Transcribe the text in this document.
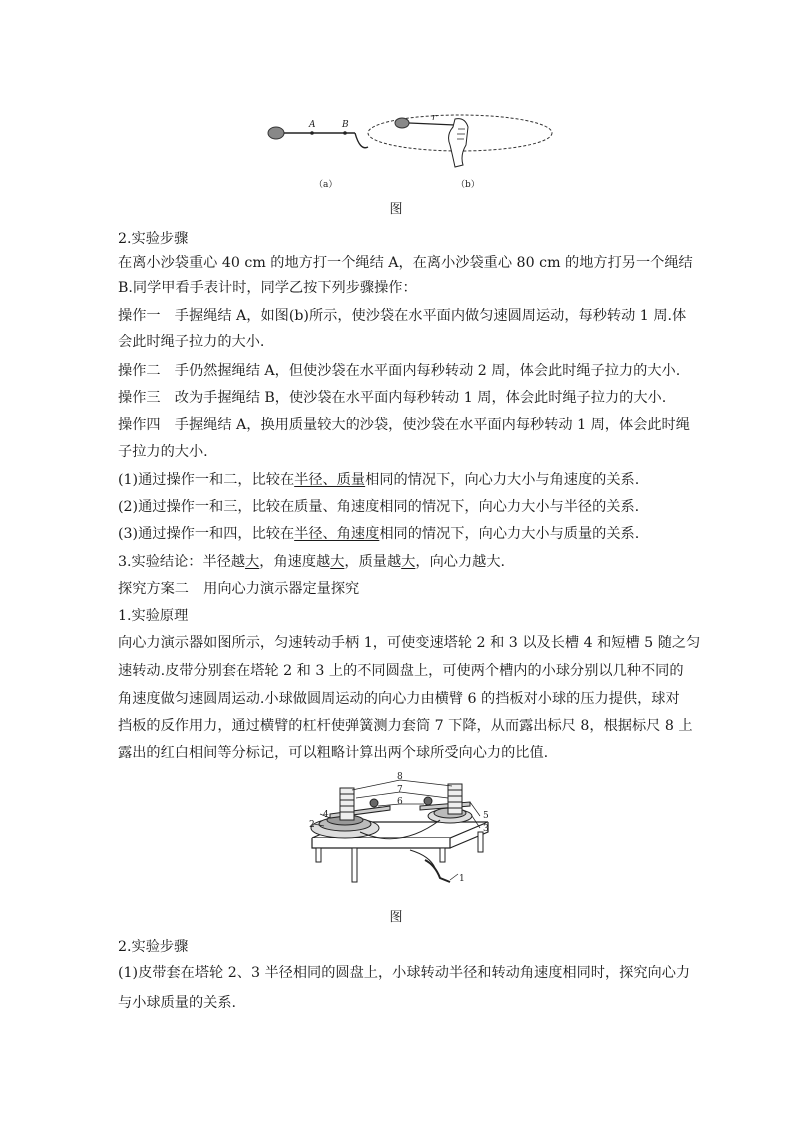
A	B
（a）
r
（b）
图
2.实验步骤
在离小沙袋重心 40 cm 的地方打一个绳结 A，在离小沙袋重心 80 cm 的地方打另一个绳结
B.同学甲看手表计时，同学乙按下列步骤操作：
操作一　手握绳结 A，如图(b)所示，使沙袋在水平面内做匀速圆周运动，每秒转动 1 周.体
会此时绳子拉力的大小.
操作二　手仍然握绳结 A，但使沙袋在水平面内每秒转动 2 周，体会此时绳子拉力的大小.
操作三　改为手握绳结 B，使沙袋在水平面内每秒转动 1 周，体会此时绳子拉力的大小.
操作四　手握绳结 A，换用质量较大的沙袋，使沙袋在水平面内每秒转动 1 周，体会此时绳
子拉力的大小.
(1)通过操作一和二，比较在半径、质量相同的情况下，向心力大小与角速度的关系.
(2)通过操作一和三，比较在质量、角速度相同的情况下，向心力大小与半径的关系.
(3)通过操作一和四，比较在半径、角速度相同的情况下，向心力大小与质量的关系.
3.实验结论：半径越大，角速度越大，质量越大，向心力越大.
探究方案二　用向心力演示器定量探究
1.实验原理
向心力演示器如图所示，匀速转动手柄 1，可使变速塔轮 2 和 3 以及长槽 4 和短槽 5 随之匀
速转动.皮带分别套在塔轮 2 和 3 上的不同圆盘上，可使两个槽内的小球分别以几种不同的
角速度做匀速圆周运动.小球做圆周运动的向心力由横臂 6 的挡板对小球的压力提供，球对
挡板的反作用力，通过横臂的杠杆使弹簧测力套筒 7 下降，从而露出标尺 8，根据标尺 8 上
露出的红白相间等分标记，可以粗略计算出两个球所受向心力的比值.
8
7
6
4
2
5
3
1
图
2.实验步骤
(1)皮带套在塔轮 2、3 半径相同的圆盘上，小球转动半径和转动角速度相同时，探究向心力
与小球质量的关系.
